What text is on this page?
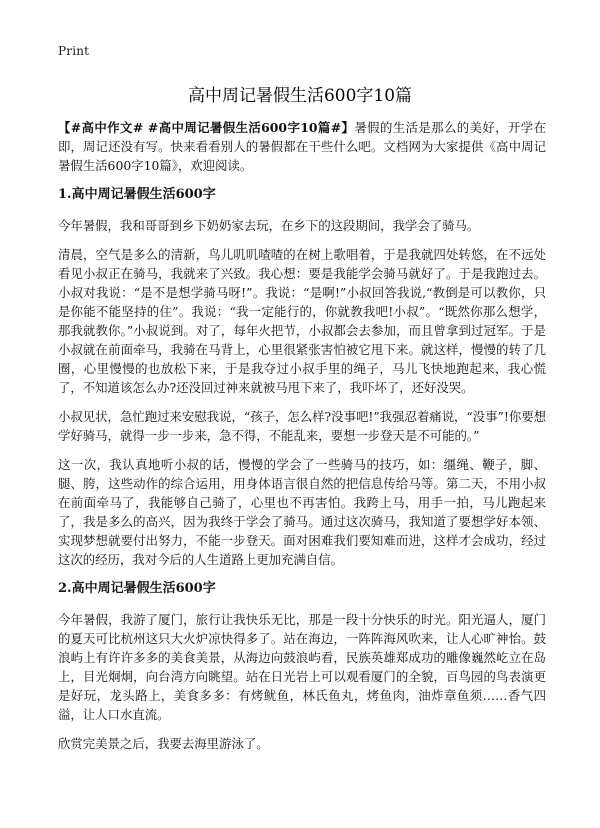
Print
高中周记暑假生活600字10篇

【#高中作文# #高中周记暑假生活600字10篇#】暑假的生活是那么的美好，开学在即，周记还没有写。快来看看别人的暑假都在干些什么吧。文档网为大家提供《高中周记暑假生活600字10篇》，欢迎阅读。

1.高中周记暑假生活600字

今年暑假，我和哥哥到乡下奶奶家去玩，在乡下的这段期间，我学会了骑马。

清晨，空气是多么的清新，鸟儿叽叽喳喳的在树上歌唱着，于是我就四处转悠，在不远处看见小叔正在骑马，我就来了兴致。我心想：要是我能学会骑马就好了。于是我跑过去。小叔对我说：“是不是想学骑马呀!”。我说：“是啊!”小叔回答我说,“教倒是可以教你，只是你能不能坚持的住”。我说：“我一定能行的，你就教我吧!小叔”。“既然你那么想学，那我就教你。”小叔说到。对了，每年火把节，小叔都会去参加，而且曾拿到过冠军。于是小叔就在前面牵马，我骑在马背上，心里很紧张害怕被它甩下来。就这样，慢慢的转了几圈，心里慢慢的也放松下来，于是我夺过小叔手里的绳子，马儿飞快地跑起来，我心慌了，不知道该怎么办?还没回过神来就被马甩下来了，我吓坏了，还好没哭。

小叔见状，急忙跑过来安慰我说，“孩子，怎么样?没事吧!”我强忍着痛说，“没事”!你要想学好骑马，就得一步一步来，急不得，不能乱来，要想一步登天是不可能的。”

这一次，我认真地听小叔的话，慢慢的学会了一些骑马的技巧，如：缰绳、鞭子，脚、腿、胯，这些动作的综合运用，用身体语言很自然的把信息传给马等。第二天，不用小叔在前面牵马了，我能够自己骑了，心里也不再害怕。我跨上马，用手一拍，马儿跑起来了，我是多么的高兴，因为我终于学会了骑马。通过这次骑马，我知道了要想学好本领、实现梦想就要付出努力，不能一步登天。面对困难我们要知难而进，这样才会成功，经过这次的经历，我对今后的人生道路上更加充满自信。

2.高中周记暑假生活600字

今年暑假，我游了厦门，旅行让我快乐无比，那是一段十分快乐的时光。阳光逼人，厦门的夏天可比杭州这只大火炉凉快得多了。站在海边，一阵阵海风吹来，让人心旷神怡。鼓浪屿上有许许多多的美食美景，从海边向鼓浪屿看，民族英雄郑成功的雕像巍然屹立在岛上，目光炯炯，向台湾方向眺望。站在日光岩上可以观看厦门的全貌，百鸟园的鸟表演更是好玩，龙头路上，美食多多：有烤鱿鱼，林氏鱼丸，烤鱼肉，油炸章鱼须……香气四溢，让人口水直流。

欣赏完美景之后，我要去海里游泳了。
